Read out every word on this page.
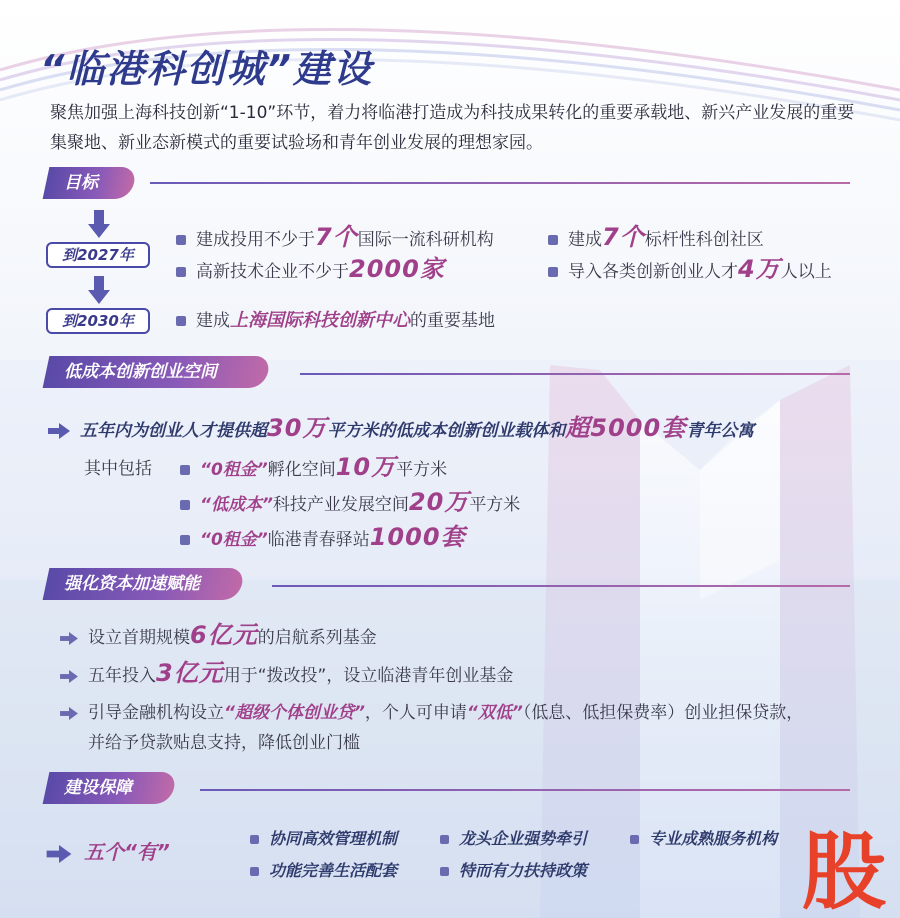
“临港科创城”建设
聚焦加强上海科技创新“1-10”环节，着力将临港打造成为科技成果转化的重要承载地、新兴产业发展的重要集聚地、新业态新模式的重要试验场和青年创业发展的理想家园。
目标
到2027年
到2030年
建成投用不少于7个国际一流科研机构	建成7个标杆性科创社区
高新技术企业不少于2000家	导入各类创新创业人才4万人以上
建成上海国际科技创新中心的重要基地
低成本创新创业空间
五年内为创业人才提供超30万平方米的低成本创新创业载体和超5000套青年公寓
其中包括	“0租金”孵化空间10万平方米
“低成本”科技产业发展空间20万平方米
“0租金”临港青春驿站1000套
强化资本加速赋能
设立首期规模6亿元的启航系列基金
五年投入3亿元用于“拨改投”，设立临港青年创业基金
引导金融机构设立“超级个体创业贷”，个人可申请“双低”（低息、低担保费率）创业担保贷款，
并给予贷款贴息支持，降低创业门槛
建设保障
五个“有”
协同高效管理机制	龙头企业强势牵引	专业成熟服务机构
功能完善生活配套	特而有力扶持政策	股
